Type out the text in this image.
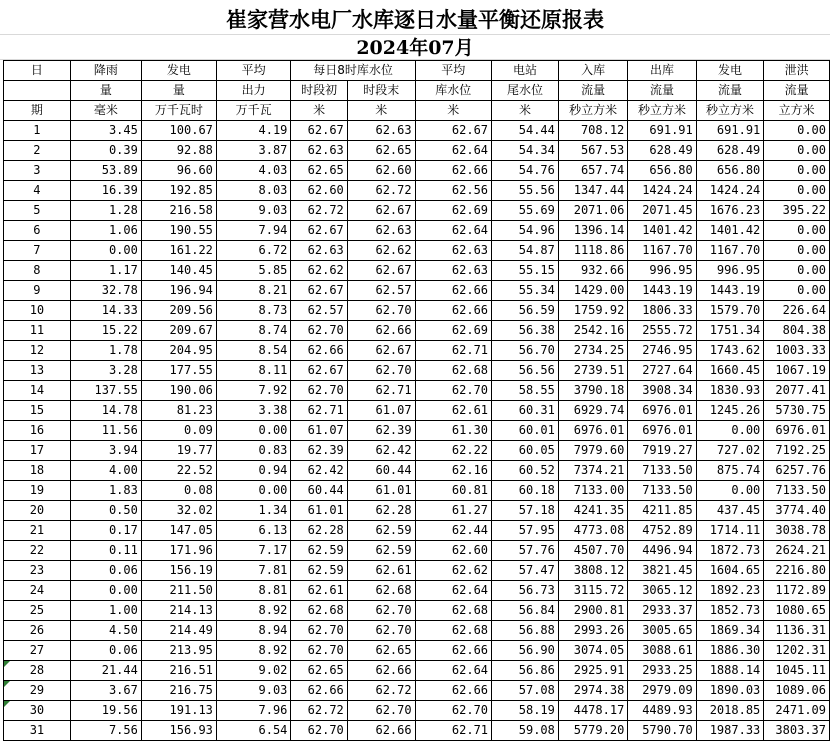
崔家营水电厂水库逐日水量平衡还原报表
2024年07月
日	降雨	发电	平均	每日8时库水位		平均	电站	入库	出库	发电	泄洪
	量	量	出力	时段初	时段末	库水位	尾水位	流量	流量	流量	流量
期	毫米	万千瓦时	万千瓦	米	米	米	米	秒立方米	秒立方米	秒立方米	立方米
1	3.45	100.67	4.19	62.67	62.63	62.67	54.44	708.12	691.91	691.91	0.00
2	0.39	92.88	3.87	62.63	62.65	62.64	54.34	567.53	628.49	628.49	0.00
3	53.89	96.60	4.03	62.65	62.60	62.66	54.76	657.74	656.80	656.80	0.00
4	16.39	192.85	8.03	62.60	62.72	62.56	55.56	1347.44	1424.24	1424.24	0.00
5	1.28	216.58	9.03	62.72	62.67	62.69	55.69	2071.06	2071.45	1676.23	395.22
6	1.06	190.55	7.94	62.67	62.63	62.64	54.96	1396.14	1401.42	1401.42	0.00
7	0.00	161.22	6.72	62.63	62.62	62.63	54.87	1118.86	1167.70	1167.70	0.00
8	1.17	140.45	5.85	62.62	62.67	62.63	55.15	932.66	996.95	996.95	0.00
9	32.78	196.94	8.21	62.67	62.57	62.66	55.34	1429.00	1443.19	1443.19	0.00
10	14.33	209.56	8.73	62.57	62.70	62.66	56.59	1759.92	1806.33	1579.70	226.64
11	15.22	209.67	8.74	62.70	62.66	62.69	56.38	2542.16	2555.72	1751.34	804.38
12	1.78	204.95	8.54	62.66	62.67	62.71	56.70	2734.25	2746.95	1743.62	1003.33
13	3.28	177.55	8.11	62.67	62.70	62.68	56.56	2739.51	2727.64	1660.45	1067.19
14	137.55	190.06	7.92	62.70	62.71	62.70	58.55	3790.18	3908.34	1830.93	2077.41
15	14.78	81.23	3.38	62.71	61.07	62.61	60.31	6929.74	6976.01	1245.26	5730.75
16	11.56	0.09	0.00	61.07	62.39	61.30	60.01	6976.01	6976.01	0.00	6976.01
17	3.94	19.77	0.83	62.39	62.42	62.22	60.05	7979.60	7919.27	727.02	7192.25
18	4.00	22.52	0.94	62.42	60.44	62.16	60.52	7374.21	7133.50	875.74	6257.76
19	1.83	0.08	0.00	60.44	61.01	60.81	60.18	7133.00	7133.50	0.00	7133.50
20	0.50	32.02	1.34	61.01	62.28	61.27	57.18	4241.35	4211.85	437.45	3774.40
21	0.17	147.05	6.13	62.28	62.59	62.44	57.95	4773.08	4752.89	1714.11	3038.78
22	0.11	171.96	7.17	62.59	62.59	62.60	57.76	4507.70	4496.94	1872.73	2624.21
23	0.06	156.19	7.81	62.59	62.61	62.62	57.47	3808.12	3821.45	1604.65	2216.80
24	0.00	211.50	8.81	62.61	62.68	62.64	56.73	3115.72	3065.12	1892.23	1172.89
25	1.00	214.13	8.92	62.68	62.70	62.68	56.84	2900.81	2933.37	1852.73	1080.65
26	4.50	214.49	8.94	62.70	62.70	62.68	56.88	2993.26	3005.65	1869.34	1136.31
27	0.06	213.95	8.92	62.70	62.65	62.66	56.90	3074.05	3088.61	1886.30	1202.31
28	21.44	216.51	9.02	62.65	62.66	62.64	56.86	2925.91	2933.25	1888.14	1045.11
29	3.67	216.75	9.03	62.66	62.72	62.66	57.08	2974.38	2979.09	1890.03	1089.06
30	19.56	191.13	7.96	62.72	62.70	62.70	58.19	4478.17	4489.93	2018.85	2471.09
31	7.56	156.93	6.54	62.70	62.66	62.71	59.08	5779.20	5790.70	1987.33	3803.37
